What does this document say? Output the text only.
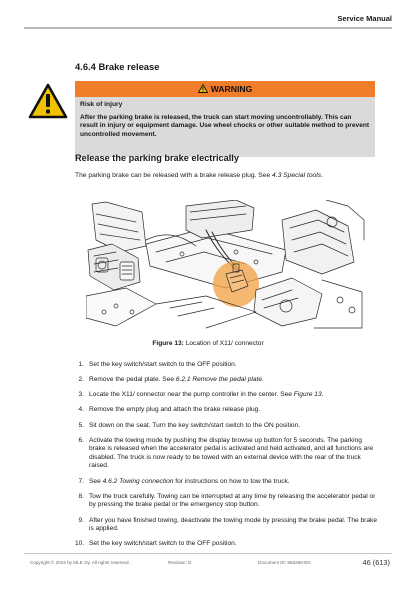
Service Manual
4.6.4 Brake release
WARNING
Risk of injury
After the parking brake is released, the truck can start moving uncontrollably. This can result in injury or equipment damage. Use wheel chocks or other suitable method to prevent uncontrolled movement.
Release the parking brake electrically
The parking brake can be released with a brake release plug. See 4.3 Special tools.
Figure 13: Location of X11/ connector
1. Set the key switch/start switch to the OFF position.
2. Remove the pedal plate. See 6.2.1 Remove the pedal plate.
3. Locate the X11/ connector near the pump controller in the center. See Figure 13.
4. Remove the empty plug and attach the brake release plug.
5. Sit down on the seat. Turn the key switch/start switch to the ON position.
6. Activate the towing mode by pushing the display browse up button for 5 seconds. The parking brake is released when the accelerator pedal is activated and held activated, and all functions are disabled. The truck is now ready to be towed with an external device with the rear of the truck raised.
7. See 4.6.2 Towing connection for instructions on how to tow the truck.
8. Tow the truck carefully. Towing can be interrupted at any time by releasing the accelerator pedal or by pressing the brake pedal or the emergency stop button.
9. After you have finished towing, deactivate the towing mode by pressing the brake pedal. The brake is applied.
10. Set the key switch/start switch to the OFF position.
Copyright © 2024 by MLE Oy. All rights reserved.	Revision: D	Document ID: 656260-EN	46 (613)
